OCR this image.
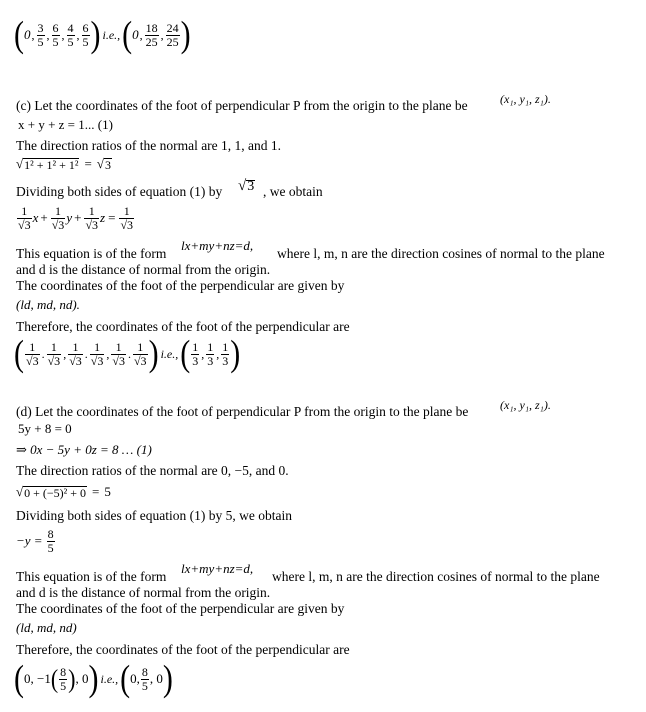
( 0 , $\frac{3}{5}$ , $\frac{6}{5}$ , $\frac{4}{5}$ , $\frac{6}{5}$ ) i.e., ( 0 , $\frac{18}{25}$ , $\frac{24}{25}$ )
(c) Let the coordinates of the foot of perpendicular P from the origin to the plane be	(x₁, y₁, z₁).
x + y + z = 1... (1)
The direction ratios of the normal are 1, 1, and 1.
√ 1² + 1² + 1² = √ 3
Dividing both sides of equation (1) by √ 3 , we obtain
$\frac{1}{√3}$ $x + \frac{1}{√3}$ $y + \frac{1}{√3}$ $z = \frac{1}{√3}$
This equation is of the form
lx+my+nz=d,
where l, m, n are the direction cosines of normal to the plane
and d is the distance of normal from the origin.
The coordinates of the foot of the perpendicular are given by
(ld, md, nd).
Therefore, the coordinates of the foot of the perpendicular are
( $\frac{1}{√3}$ . $\frac{1}{√3}$ , $\frac{1}{√3}$ . $\frac{1}{√3}$ , $\frac{1}{√3}$ . $\frac{1}{√3}$ ) i.e., ( $\frac{1}{3}$ , $\frac{1}{3}$ , $\frac{1}{3}$ )
(d) Let the coordinates of the foot of perpendicular P from the origin to the plane be	(x₁, y₁, z₁).
5y + 8 = 0
⇒ 0x − 5y + 0z = 8 … (1)
The direction ratios of the normal are 0, −5, and 0.
√ 0 + (−5)² + 0 = 5
Dividing both sides of equation (1) by 5, we obtain
$-y = \frac{8}{5}$
This equation is of the form
lx+my+nz=d,
where l, m, n are the direction cosines of normal to the plane
and d is the distance of normal from the origin.
The coordinates of the foot of the perpendicular are given by
(ld, md, nd)
Therefore, the coordinates of the foot of the perpendicular are
( 0, −1 ( $\frac{8}{5}$ ) , 0 ) i.e., ( 0, $\frac{8}{5}$ , 0 )
